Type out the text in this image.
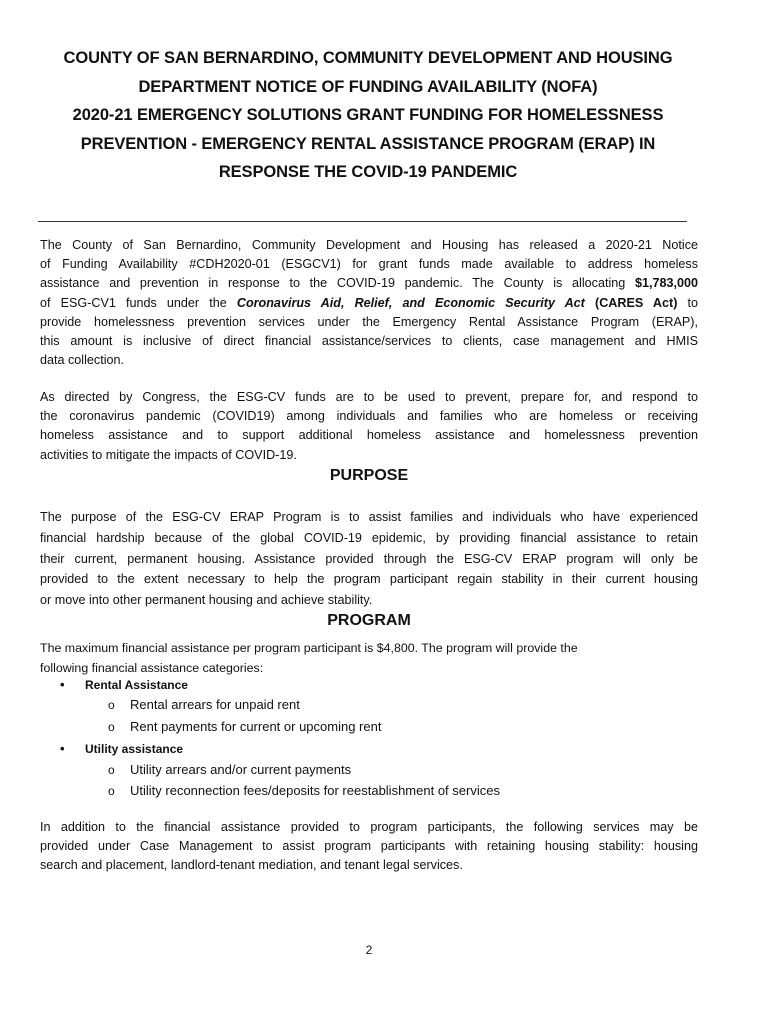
COUNTY OF SAN BERNARDINO, COMMUNITY DEVELOPMENT AND HOUSING
DEPARTMENT NOTICE OF FUNDING AVAILABILITY (NOFA)
2020-21 EMERGENCY SOLUTIONS GRANT FUNDING FOR HOMELESSNESS
PREVENTION - EMERGENCY RENTAL ASSISTANCE PROGRAM (ERAP) IN
RESPONSE THE COVID-19 PANDEMIC
The County of San Bernardino, Community Development and Housing has released a 2020-21 Notice
of Funding Availability #CDH2020-01 (ESGCV1) for grant funds made available to address homeless
assistance and prevention in response to the COVID-19 pandemic. The County is allocating $1,783,000
of ESG-CV1 funds under the Coronavirus Aid, Relief, and Economic Security Act (CARES Act) to
provide homelessness prevention services under the Emergency Rental Assistance Program (ERAP),
this amount is inclusive of direct financial assistance/services to clients, case management and HMIS
data collection.
As directed by Congress, the ESG-CV funds are to be used to prevent, prepare for, and respond to
the coronavirus pandemic (COVID19) among individuals and families who are homeless or receiving
homeless assistance and to support additional homeless assistance and homelessness prevention
activities to mitigate the impacts of COVID-19.
PURPOSE
The purpose of the ESG-CV ERAP Program is to assist families and individuals who have experienced
financial hardship because of the global COVID-19 epidemic, by providing financial assistance to retain
their current, permanent housing. Assistance provided through the ESG-CV ERAP program will only be
provided to the extent necessary to help the program participant regain stability in their current housing
or move into other permanent housing and achieve stability.
PROGRAM
The maximum financial assistance per program participant is $4,800. The program will provide the
following financial assistance categories:
• Rental Assistance
o Rental arrears for unpaid rent
o Rent payments for current or upcoming rent
• Utility assistance
o Utility arrears and/or current payments
o Utility reconnection fees/deposits for reestablishment of services
In addition to the financial assistance provided to program participants, the following services may be
provided under Case Management to assist program participants with retaining housing stability: housing
search and placement, landlord-tenant mediation, and tenant legal services.
2
